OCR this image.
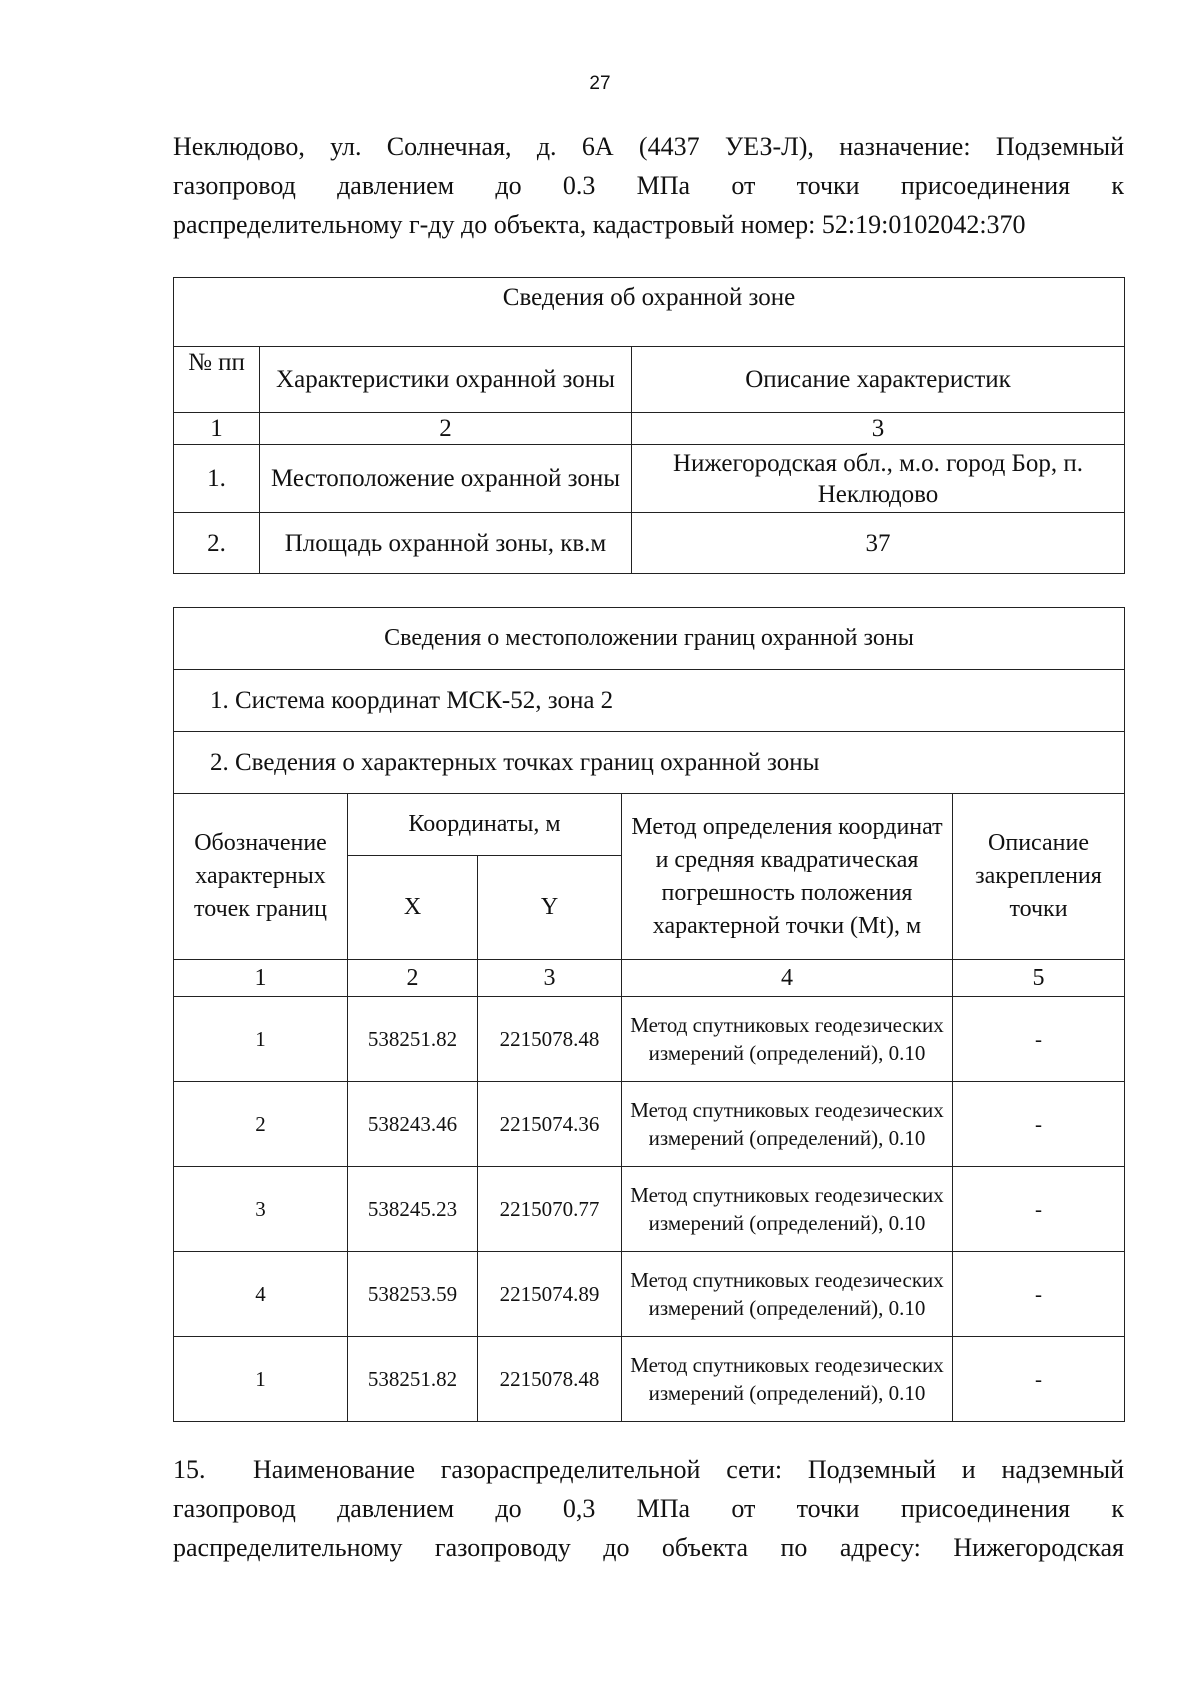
27
Неклюдово, ул. Солнечная, д. 6А (4437 УЕЗ-Л), назначение: Подземный
газопровод давлением до 0.3 МПа от точки присоединения к
распределительному г-ду до объекта, кадастровый номер: 52:19:0102042:370
Сведения об охранной зоне		
№ пп	Характеристики охранной зоны	Описание характеристик
1	2	3
1.	Местоположение охранной зоны	Нижегородская обл., м.о. город Бор, п. Неклюдово
2.	Площадь охранной зоны, кв.м	37
Сведения о местоположении границ охранной зоны				
1. Система координат МСК-52, зона 2				
2. Сведения о характерных точках границ охранной зоны				
Обозначение характерных точек границ	Координаты, м		Метод определения координат и средняя квадратическая погрешность положения характерной точки (Mt), м	Описание закрепления точки
	X	Y		
1	2	3	4	5
1	538251.82	2215078.48	Метод спутниковых геодезических измерений (определений), 0.10	-
2	538243.46	2215074.36	Метод спутниковых геодезических измерений (определений), 0.10	-
3	538245.23	2215070.77	Метод спутниковых геодезических измерений (определений), 0.10	-
4	538253.59	2215074.89	Метод спутниковых геодезических измерений (определений), 0.10	-
1	538251.82	2215078.48	Метод спутниковых геодезических измерений (определений), 0.10	-
15. Наименование газораспределительной сети: Подземный и надземный
газопровод давлением до 0,3 МПа от точки присоединения к
распределительному газопроводу до объекта по адресу: Нижегородская
